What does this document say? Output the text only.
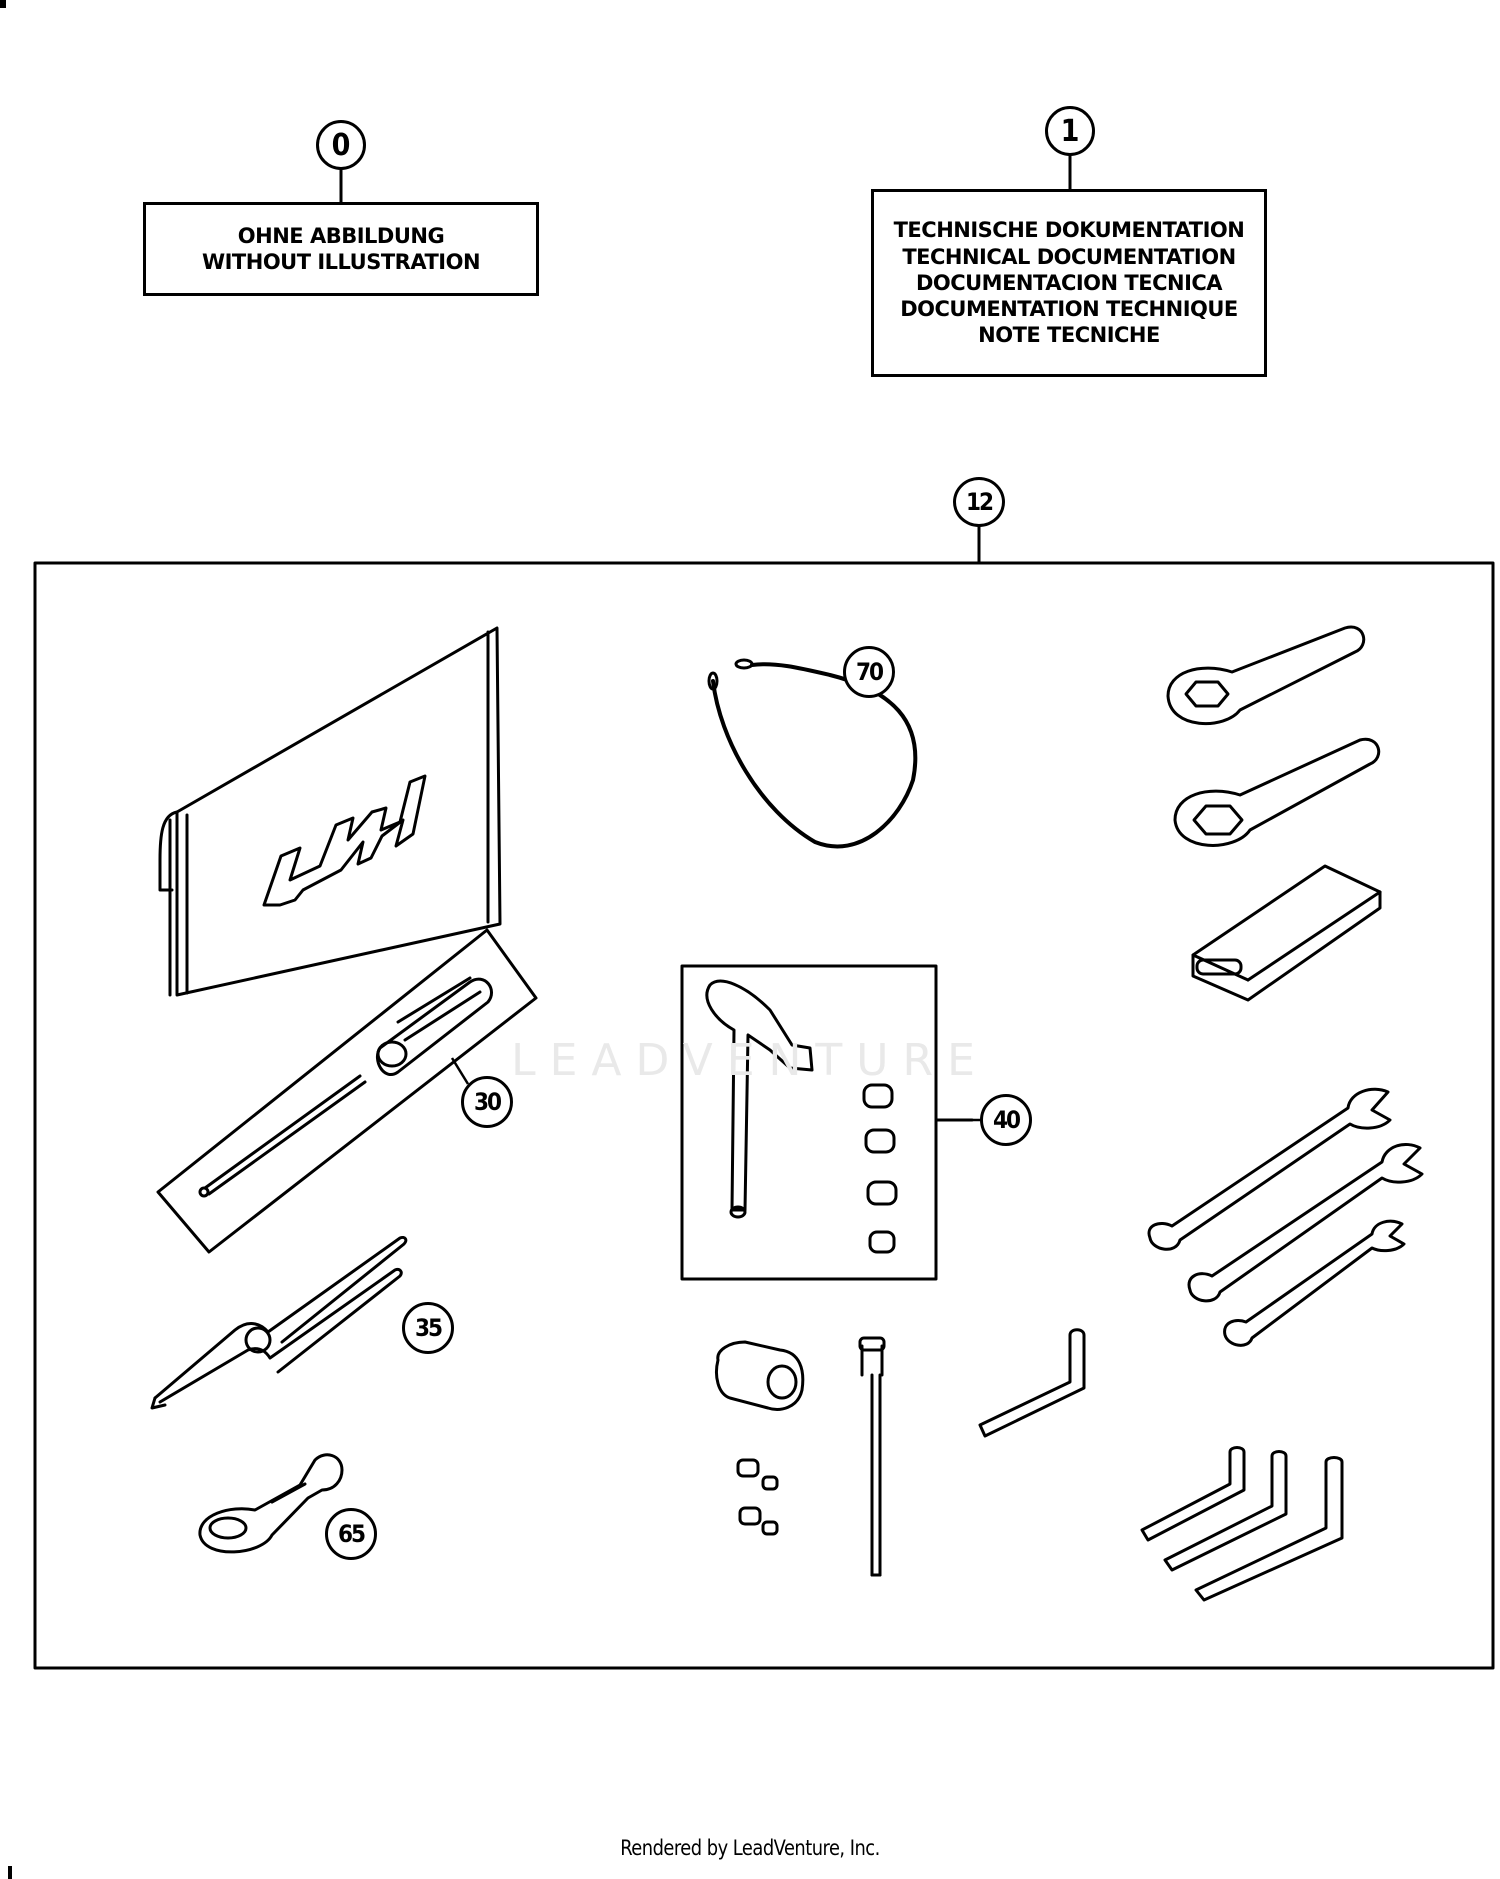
LEADVENTURE
0	1
12
30
35
40
65
70
OHNE ABBILDUNG
WITHOUT ILLUSTRATION
TECHNISCHE DOKUMENTATION
TECHNICAL DOCUMENTATION
DOCUMENTACION TECNICA
DOCUMENTATION TECHNIQUE
NOTE TECNICHE
Rendered by LeadVenture, Inc.
